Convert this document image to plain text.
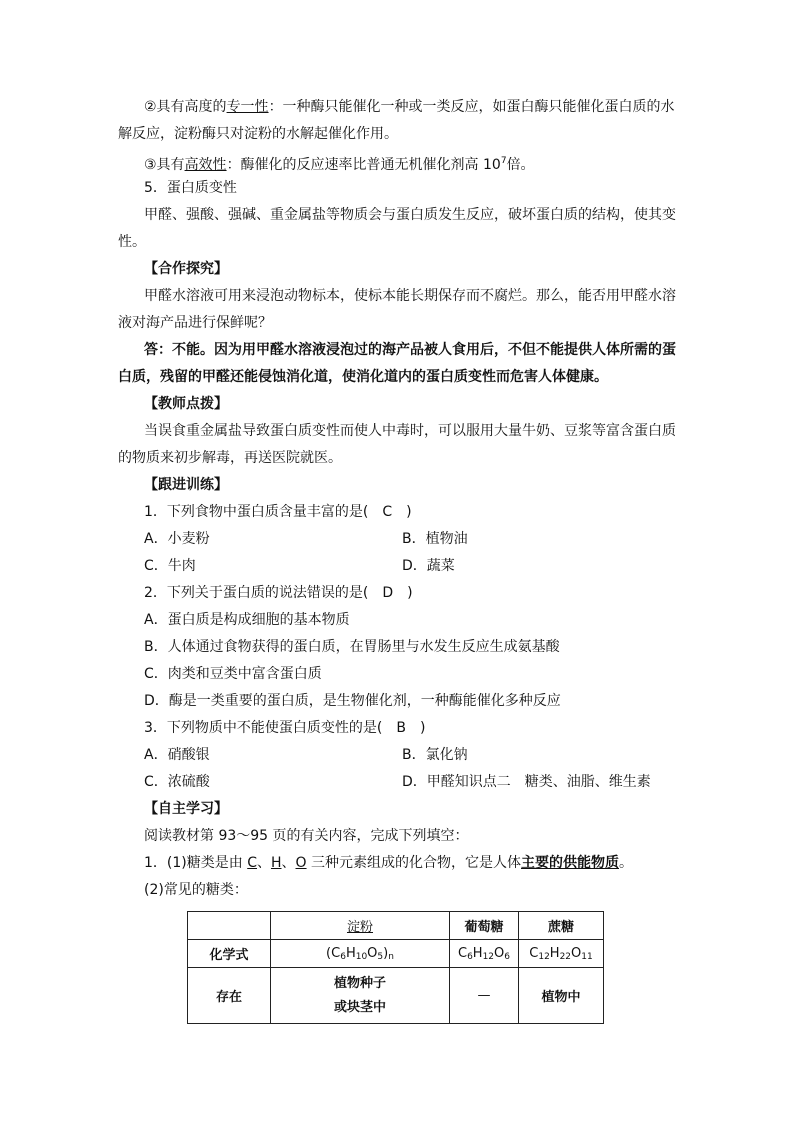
②具有高度的专一性：一种酶只能催化一种或一类反应，如蛋白酶只能催化蛋白质的水
解反应，淀粉酶只对淀粉的水解起催化作用。
③具有高效性：酶催化的反应速率比普通无机催化剂高 $10^7$倍。
5．蛋白质变性
甲醛、强酸、强碱、重金属盐等物质会与蛋白质发生反应，破坏蛋白质的结构，使其变
性。
【合作探究】
甲醛水溶液可用来浸泡动物标本，使标本能长期保存而不腐烂。那么，能否用甲醛水溶
液对海产品进行保鲜呢？
答：不能。因为用甲醛水溶液浸泡过的海产品被人食用后，不但不能提供人体所需的蛋
白质，残留的甲醛还能侵蚀消化道，使消化道内的蛋白质变性而危害人体健康。
【教师点拨】
当误食重金属盐导致蛋白质变性而使人中毒时，可以服用大量牛奶、豆浆等富含蛋白质
的物质来初步解毒，再送医院就医。
【跟进训练】
1．下列食物中蛋白质含量丰富的是(　C　)
A．小麦粉	B．植物油
C．牛肉	D．蔬菜
2．下列关于蛋白质的说法错误的是(　D　)
A．蛋白质是构成细胞的基本物质
B．人体通过食物获得的蛋白质，在胃肠里与水发生反应生成氨基酸
C．肉类和豆类中富含蛋白质
D．酶是一类重要的蛋白质，是生物催化剂，一种酶能催化多种反应
3．下列物质中不能使蛋白质变性的是(　B　)
A．硝酸银	B．氯化钠
C．浓硫酸	D．甲醛知识点二　糖类、油脂、维生素
【自主学习】
阅读教材第 93～95 页的有关内容，完成下列填空：
1．(1)糖类是由 C、H、O 三种元素组成的化合物，它是人体主要的供能物质。
(2)常见的糖类：
	淀粉	葡萄糖	蔗糖
化学式	$(C_6H_{10}O_5)_n$	$C_6H_{12}O_6$	$C_{12}H_{22}O_{11}$
存在	植物种子
或块茎中	—	植物中
